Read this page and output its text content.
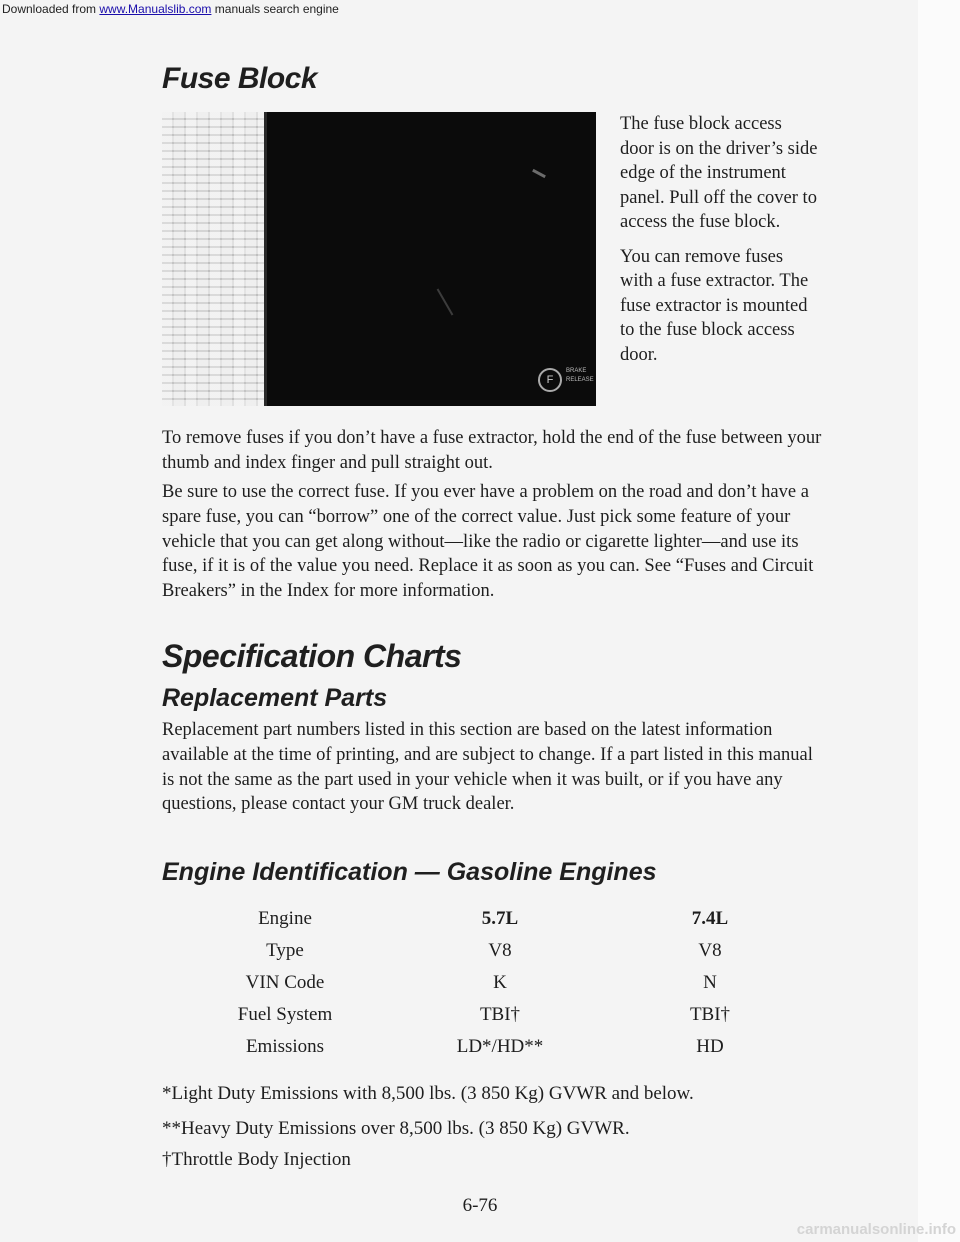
Downloaded from www.Manualslib.com manuals search engine
Fuse Block
F
BRAKE RELEASE

The fuse block access door is on the driver’s side edge of the instrument panel. Pull off the cover to access the fuse block.

You can remove fuses with a fuse extractor. The fuse extractor is mounted to the fuse block access door.

To remove fuses if you don’t have a fuse extractor, hold the end of the fuse between your thumb and index finger and pull straight out.

Be sure to use the correct fuse. If you ever have a problem on the road and don’t have a spare fuse, you can “borrow” one of the correct value. Just pick some feature of your vehicle that you can get along without—like the radio or cigarette lighter—and use its fuse, if it is of the value you need. Replace it as soon as you can. See “Fuses and Circuit Breakers” in the Index for more information.

Specification Charts
Replacement Parts

Replacement part numbers listed in this section are based on the latest information available at the time of printing, and are subject to change. If a part listed in this manual is not the same as the part used in your vehicle when it was built, or if you have any questions, please contact your GM truck dealer.

Engine Identification — Gasoline Engines
Engine	5.7L	7.4L
Type	V8	V8
VIN Code	K	N
Fuel System	TBI†	TBI†
Emissions	LD*/HD**	HD
*Light Duty Emissions with 8,500 lbs. (3 850 Kg) GVWR and below.
**Heavy Duty Emissions over 8,500 lbs. (3 850 Kg) GVWR.
†Throttle Body Injection
6-76
carmanualsonline.info
